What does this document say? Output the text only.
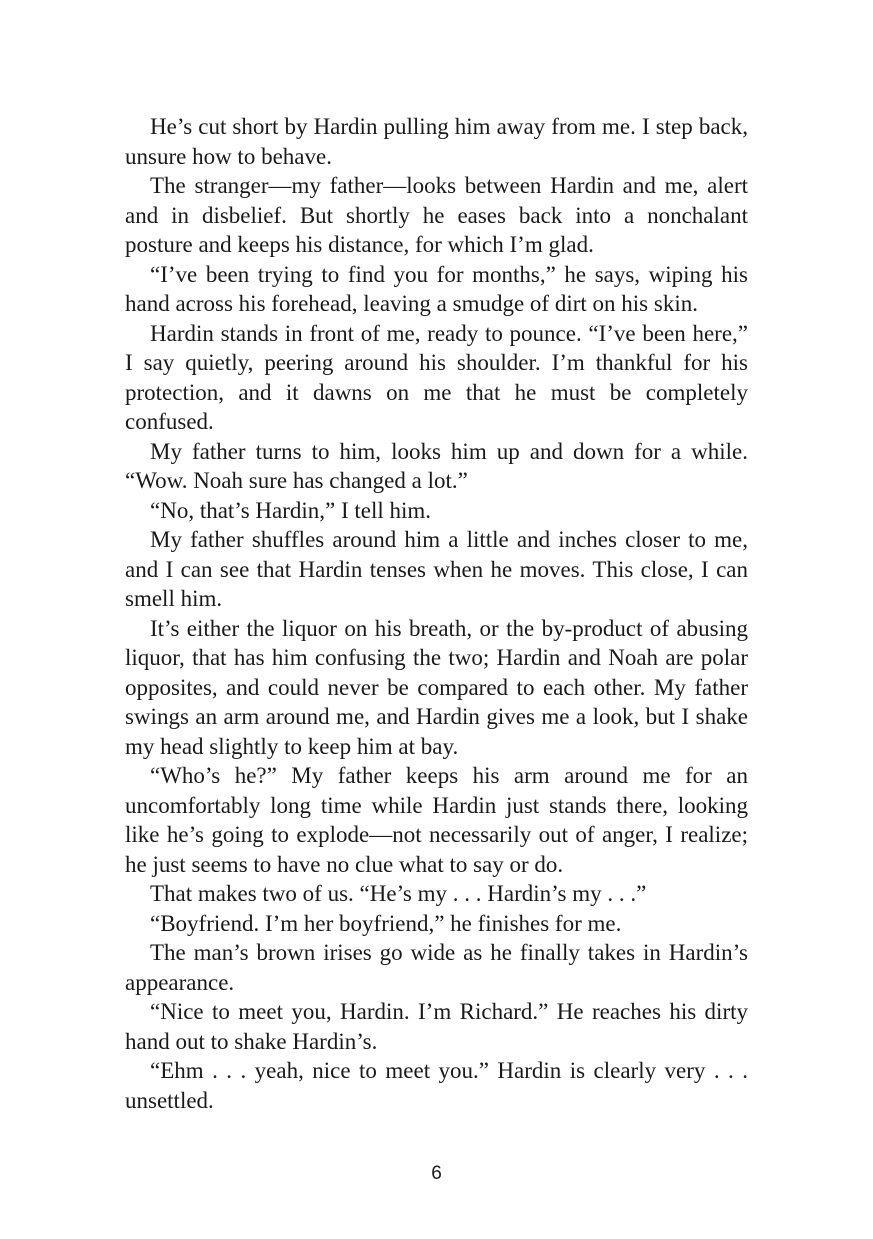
He’s cut short by Hardin pulling him away from me. I step back, unsure how to behave.

The stranger—my father—looks between Hardin and me, alert and in disbelief. But shortly he eases back into a nonchalant posture and keeps his distance, for which I’m glad.

“I’ve been trying to find you for months,” he says, wiping his hand across his forehead, leaving a smudge of dirt on his skin.

Hardin stands in front of me, ready to pounce. “I’ve been here,” I say quietly, peering around his shoulder. I’m thankful for his protection, and it dawns on me that he must be completely confused.

My father turns to him, looks him up and down for a while. “Wow. Noah sure has changed a lot.”

“No, that’s Hardin,” I tell him.

My father shuffles around him a little and inches closer to me, and I can see that Hardin tenses when he moves. This close, I can smell him.

It’s either the liquor on his breath, or the by-product of abusing liquor, that has him confusing the two; Hardin and Noah are polar opposites, and could never be compared to each other. My father swings an arm around me, and Hardin gives me a look, but I shake my head slightly to keep him at bay.

“Who’s he?” My father keeps his arm around me for an uncomfortably long time while Hardin just stands there, looking like he’s going to explode—not necessarily out of anger, I realize; he just seems to have no clue what to say or do.

That makes two of us. “He’s my . . . Hardin’s my . . .”

“Boyfriend. I’m her boyfriend,” he finishes for me.

The man’s brown irises go wide as he finally takes in Hardin’s appearance.

“Nice to meet you, Hardin. I’m Richard.” He reaches his dirty hand out to shake Hardin’s.

“Ehm . . . yeah, nice to meet you.” Hardin is clearly very . . . unsettled.

6
